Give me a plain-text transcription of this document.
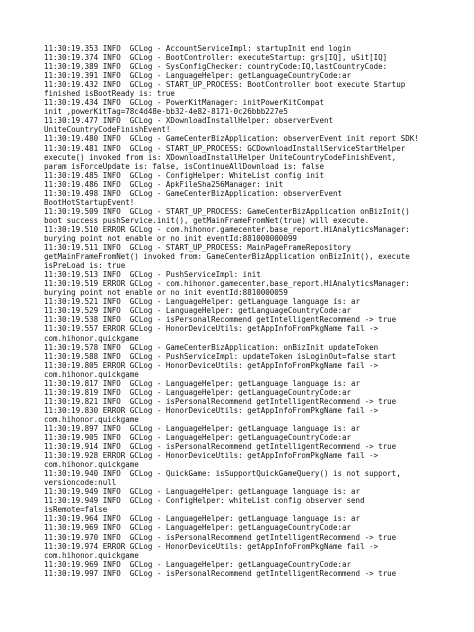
11:30:19.353 INFO  GCLog - AccountServiceImpl: startupInit end login
11:30:19.374 INFO  GCLog - BootController: executeStartup: grs[IQ], uSit[IQ]
11:30:19.389 INFO  GCLog - SysConfigChecker: countryCode:IQ,lastCountryCode:
11:30:19.391 INFO  GCLog - LanguageHelper: getLanguageCountryCode:ar
11:30:19.432 INFO  GCLog - START_UP_PROCESS: BootController boot execute Startup
finished isBootReady is: true
11:30:19.434 INFO  GCLog - PowerKitManager: initPowerKitCompat
init ,powerKitTag=78c4d48e-bb32-4e82-8171-0c26bbb227e5
11:30:19.477 INFO  GCLog - XDownloadInstallHelper: observerEvent
UniteCountryCodeFinishEvent!
11:30:19.480 INFO  GCLog - GameCenterBizApplication: observerEvent init report SDK!
11:30:19.481 INFO  GCLog - START_UP_PROCESS: GCDownloadInstallServiceStartHelper
execute() invoked from is: XDownloadInstallHelper UniteCountryCodeFinishEvent,
param isForceUpdate is: false, isContinueAllDownload is: false
11:30:19.485 INFO  GCLog - ConfigHelper: WhiteList config init
11:30:19.486 INFO  GCLog - ApkFileSha256Manager: init
11:30:19.498 INFO  GCLog - GameCenterBizApplication: observerEvent
BootHotStartupEvent!
11:30:19.509 INFO  GCLog - START_UP_PROCESS: GameCenterBizApplication onBizInit()
boot success pushService.init(), getMainFrameFromNet(true) will execute.
11:30:19.510 ERROR GCLog - com.hihonor.gamecenter.base_report.HiAnalyticsManager:
burying point not enable or no init eventId:881000000099
11:30:19.511 INFO  GCLog - START_UP_PROCESS: MainPageFrameRepository
getMainFrameFromNet() invoked from: GameCenterBizApplication onBizInit(), execute
isPreLoad is: true
11:30:19.513 INFO  GCLog - PushServiceImpl: init
11:30:19.519 ERROR GCLog - com.hihonor.gamecenter.base_report.HiAnalyticsManager:
burying point not enable or no init eventId:8810000059
11:30:19.521 INFO  GCLog - LanguageHelper: getLanguage language is: ar
11:30:19.529 INFO  GCLog - LanguageHelper: getLanguageCountryCode:ar
11:30:19.538 INFO  GCLog - isPersonalRecommend getIntelligentRecommend -> true
11:30:19.557 ERROR GCLog - HonorDeviceUtils: getAppInfoFromPkgName fail ->
com.hihonor.quickgame
11:30:19.578 INFO  GCLog - GameCenterBizApplication: onBizInit updateToken
11:30:19.588 INFO  GCLog - PushServiceImpl: updateToken isLoginOut=false start
11:30:19.805 ERROR GCLog - HonorDeviceUtils: getAppInfoFromPkgName fail ->
com.hihonor.quickgame
11:30:19.817 INFO  GCLog - LanguageHelper: getLanguage language is: ar
11:30:19.819 INFO  GCLog - LanguageHelper: getLanguageCountryCode:ar
11:30:19.821 INFO  GCLog - isPersonalRecommend getIntelligentRecommend -> true
11:30:19.830 ERROR GCLog - HonorDeviceUtils: getAppInfoFromPkgName fail ->
com.hihonor.quickgame
11:30:19.897 INFO  GCLog - LanguageHelper: getLanguage language is: ar
11:30:19.905 INFO  GCLog - LanguageHelper: getLanguageCountryCode:ar
11:30:19.914 INFO  GCLog - isPersonalRecommend getIntelligentRecommend -> true
11:30:19.928 ERROR GCLog - HonorDeviceUtils: getAppInfoFromPkgName fail ->
com.hihonor.quickgame
11:30:19.940 INFO  GCLog - QuickGame: isSupportQuickGameQuery() is not support,
versioncode:null
11:30:19.949 INFO  GCLog - LanguageHelper: getLanguage language is: ar
11:30:19.949 INFO  GCLog - ConfigHelper: whiteList config observer send
isRemote=false
11:30:19.964 INFO  GCLog - LanguageHelper: getLanguage language is: ar
11:30:19.969 INFO  GCLog - LanguageHelper: getLanguageCountryCode:ar
11:30:19.970 INFO  GCLog - isPersonalRecommend getIntelligentRecommend -> true
11:30:19.974 ERROR GCLog - HonorDeviceUtils: getAppInfoFromPkgName fail ->
com.hihonor.quickgame
11:30:19.969 INFO  GCLog - LanguageHelper: getLanguageCountryCode:ar
11:30:19.997 INFO  GCLog - isPersonalRecommend getIntelligentRecommend -> true
